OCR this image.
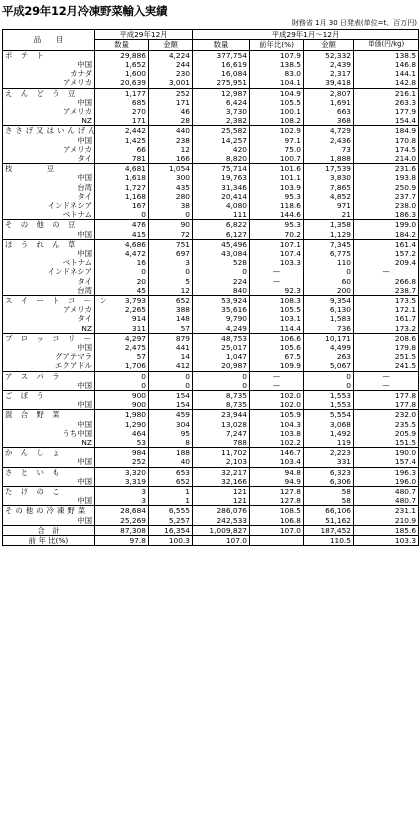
平成29年12月冷凍野菜輸入実績
財務省 1月 30 日発表(単位=t、百万円)
品　　目	平成29年12月		平成29年1月～12月			
	数量	金額	数量	前年比(%)	金額	単価(円/kg)
ポ テ ト	29,886	4,224	377,754	107.9	52,332	138.5
中国	1,652	244	16,619	138.5	2,439	146.8
カナダ	1,600	230	16,084	83.0	2,317	144.1
アメリカ	20,639	3,001	275,951	104.1	39,418	142.8
え ん ど う 豆	1,177	252	12,987	104.9	2,807	216.1
中国	685	171	6,424	105.5	1,691	263.3
アメリカ	270	46	3,730	100.1	663	177.9
NZ	171	28	2,382	108.2	368	154.4
ささげ又はいんげん	2,442	440	25,582	102.9	4,729	184.9
中国	1,425	238	14,257	97.1	2,436	170.8
アメリカ	66	12	420	75.0	73	174.5
タイ	781	166	8,820	100.7	1,888	214.0
枝　　　豆	4,681	1,054	75,714	101.6	17,539	231.6
中国	1,618	300	19,763	101.1	3,830	193.8
台湾	1,727	435	31,346	103.9	7,865	250.9
タイ	1,168	280	20,414	95.3	4,852	237.7
インドネシア	167	38	4,080	118.6	971	238.0
ベトナム	0	0	111	144.6	21	186.3
そ の 他 の 豆	476	90	6,822	95.3	1,358	199.0
中国	415	72	6,127	70.2	1,129	184.2
ほ う れ ん 草	4,686	751	45,496	107.1	7,345	161.4
中国	4,472	697	43,084	107.4	6,775	157.2
ベトナム	16	3	528	103.3	110	209.4
インドネシア	0	0	0	—	0	—
タイ	20	5	224	—	60	266.8
台湾	45	12	840	92.3	200	238.7
ス イ ー ト コ ー ン	3,793	652	53,924	108.3	9,354	173.5
アメリカ	2,265	388	35,616	105.5	6,130	172.1
タイ	914	148	9,790	103.1	1,583	161.7
NZ	311	57	4,249	114.4	736	173.2
ブ ロ ッ コ リ ー	4,297	879	48,753	106.6	10,171	208.6
中国	2,475	441	25,017	105.6	4,499	179.8
グアテマラ	57	14	1,047	67.5	263	251.5
エクアドル	1,706	412	20,987	109.9	5,067	241.5
ア ス パ ラ	0	0	0	—	0	—
中国	0	0	0	—	0	—
ご ぼ う	900	154	8,735	102.0	1,553	177.8
中国	900	154	8,735	102.0	1,553	177.8
混 合 野 菜	1,980	459	23,944	105.9	5,554	232.0
中国	1,290	304	13,028	104.3	3,068	235.5
うち中国	464	95	7,247	103.8	1,492	205.9
NZ	53	8	788	102.2	119	151.5
か ん し ょ	984	188	11,702	146.7	2,223	190.0
中国	252	40	2,103	103.4	331	157.4
さ と い も	3,320	653	32,217	94.8	6,323	196.3
中国	3,319	652	32,166	94.9	6,306	196.0
た け の こ	3	1	121	127.8	58	480.7
中国	3	1	121	127.8	58	480.7
その他の冷凍野菜	28,684	6,555	286,076	108.5	66,106	231.1
中国	25,269	5,257	242,533	106.8	51,162	210.9
合　計	87,308	16,354	1,009,827	107.0	187,452	185.6
前 年 比(%)	97.8	100.3	107.0		110.5	103.3
